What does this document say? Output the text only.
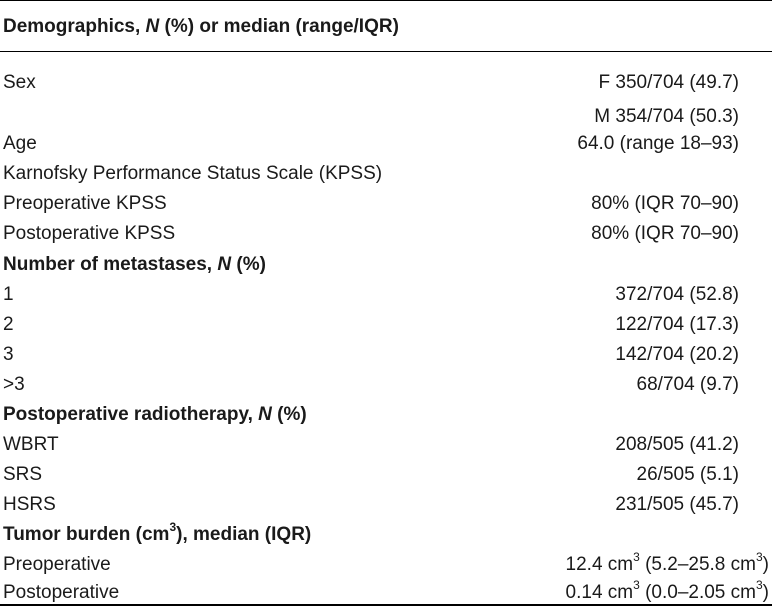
Demographics, N (%) or median (range/IQR)
Sex	F 350/704 (49.7)
M 354/704 (50.3)
Age	64.0 (range 18–93)
Karnofsky Performance Status Scale (KPSS)
Preoperative KPSS	80% (IQR 70–90)
Postoperative KPSS	80% (IQR 70–90)
Number of metastases, N (%)
1	372/704 (52.8)
2	122/704 (17.3)
3	142/704 (20.2)
>3	68/704 (9.7)
Postoperative radiotherapy, N (%)
WBRT	208/505 (41.2)
SRS	26/505 (5.1)
HSRS	231/505 (45.7)
Tumor burden $(cm^3)$, median (IQR)
Preoperative	12.4 $cm^3$ (5.2–25.8 $cm^3$)
Postoperative	0.14 $cm^3$ (0.0–2.05 $cm^3$)
